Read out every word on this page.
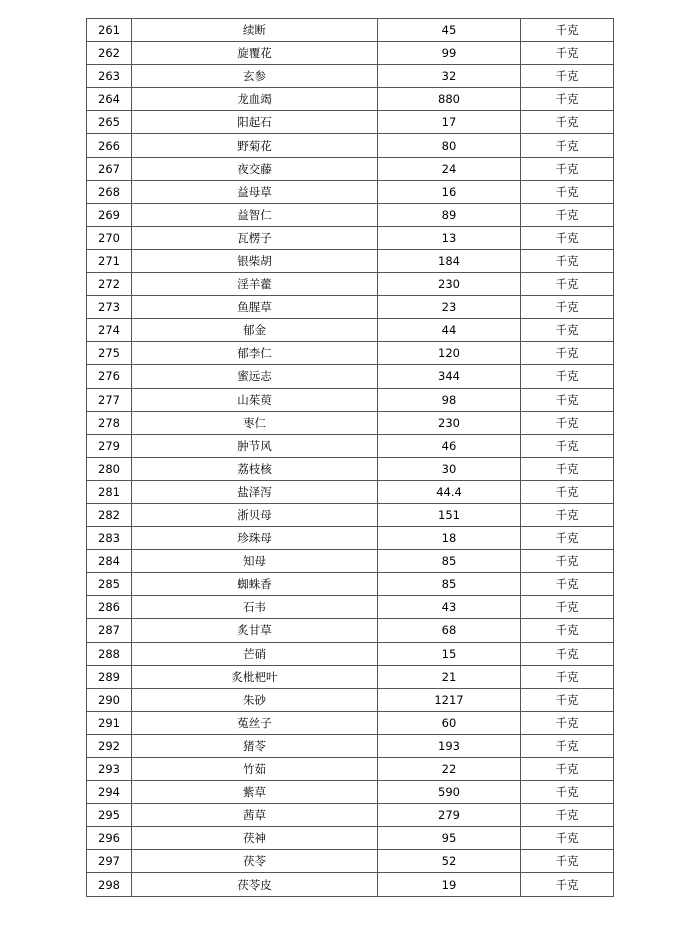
261	续断	45	千克
262	旋覆花	99	千克
263	玄参	32	千克
264	龙血竭	880	千克
265	阳起石	17	千克
266	野菊花	80	千克
267	夜交藤	24	千克
268	益母草	16	千克
269	益智仁	89	千克
270	瓦楞子	13	千克
271	银柴胡	184	千克
272	淫羊藿	230	千克
273	鱼腥草	23	千克
274	郁金	44	千克
275	郁李仁	120	千克
276	蜜远志	344	千克
277	山茱萸	98	千克
278	枣仁	230	千克
279	肿节风	46	千克
280	荔枝核	30	千克
281	盐泽泻	44.4	千克
282	浙贝母	151	千克
283	珍珠母	18	千克
284	知母	85	千克
285	蜘蛛香	85	千克
286	石韦	43	千克
287	炙甘草	68	千克
288	芒硝	15	千克
289	炙枇杷叶	21	千克
290	朱砂	1217	千克
291	菟丝子	60	千克
292	猪苓	193	千克
293	竹茹	22	千克
294	紫草	590	千克
295	茜草	279	千克
296	茯神	95	千克
297	茯苓	52	千克
298	茯苓皮	19	千克
